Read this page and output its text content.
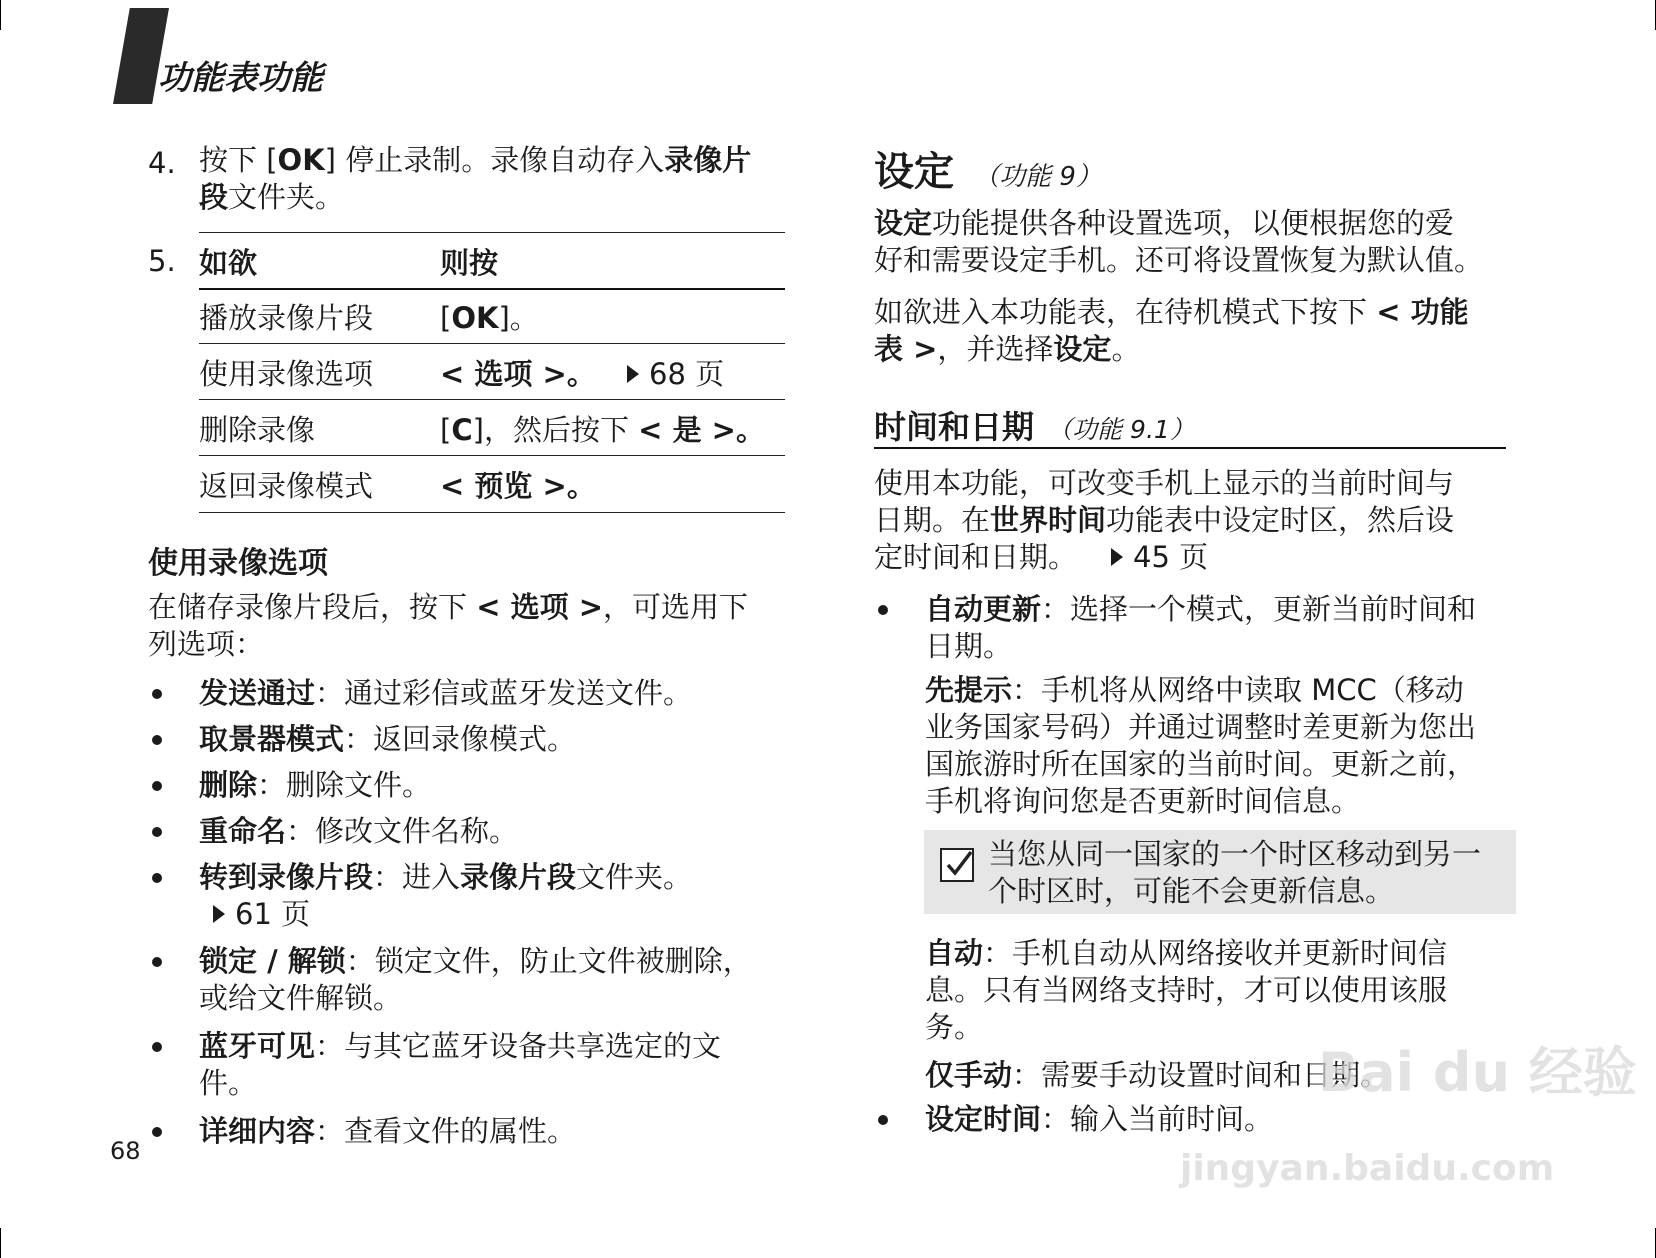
功能表功能
4. 按下 [OK] 停止录制。录像自动存入录像片
段文件夹。
5. 如欲	则按
播放录像片段 [OK]。
使用录像选项 < 选项 >。	68 页
删除录像	[C]，然后按下 < 是 >。
返回录像模式 < 预览 >。
使用录像选项
在储存录像片段后，按下 < 选项 >，可选用下
列选项：
发送通过：通过彩信或蓝牙发送文件。
取景器模式：返回录像模式。
删除：删除文件。
重命名：修改文件名称。
转到录像片段：进入录像片段文件夹。
61 页
锁定 / 解锁：锁定文件，防止文件被删除，
或给文件解锁。
蓝牙可见：与其它蓝牙设备共享选定的文
件。
详细内容：查看文件的属性。
68
设定 （功能 9）
设定功能提供各种设置选项，以便根据您的爱
好和需要设定手机。还可将设置恢复为默认值。
如欲进入本功能表，在待机模式下按下 < 功能
表 >，并选择设定。
时间和日期 （功能 9.1）
使用本功能，可改变手机上显示的当前时间与
日期。在世界时间功能表中设定时区，然后设
定时间和日期。 45 页
自动更新：选择一个模式，更新当前时间和
日期。
先提示：手机将从网络中读取 MCC（移动
业务国家号码）并通过调整时差更新为您出
国旅游时所在国家的当前时间。更新之前，
手机将询问您是否更新时间信息。
当您从同一国家的一个时区移动到另一
个时区时，可能不会更新信息。
自动：手机自动从网络接收并更新时间信
息。只有当网络支持时，才可以使用该服
务。
仅手动：需要手动设置时间和日期。
设定时间：输入当前时间。
Bai du 经验
jingyan.baidu.com
